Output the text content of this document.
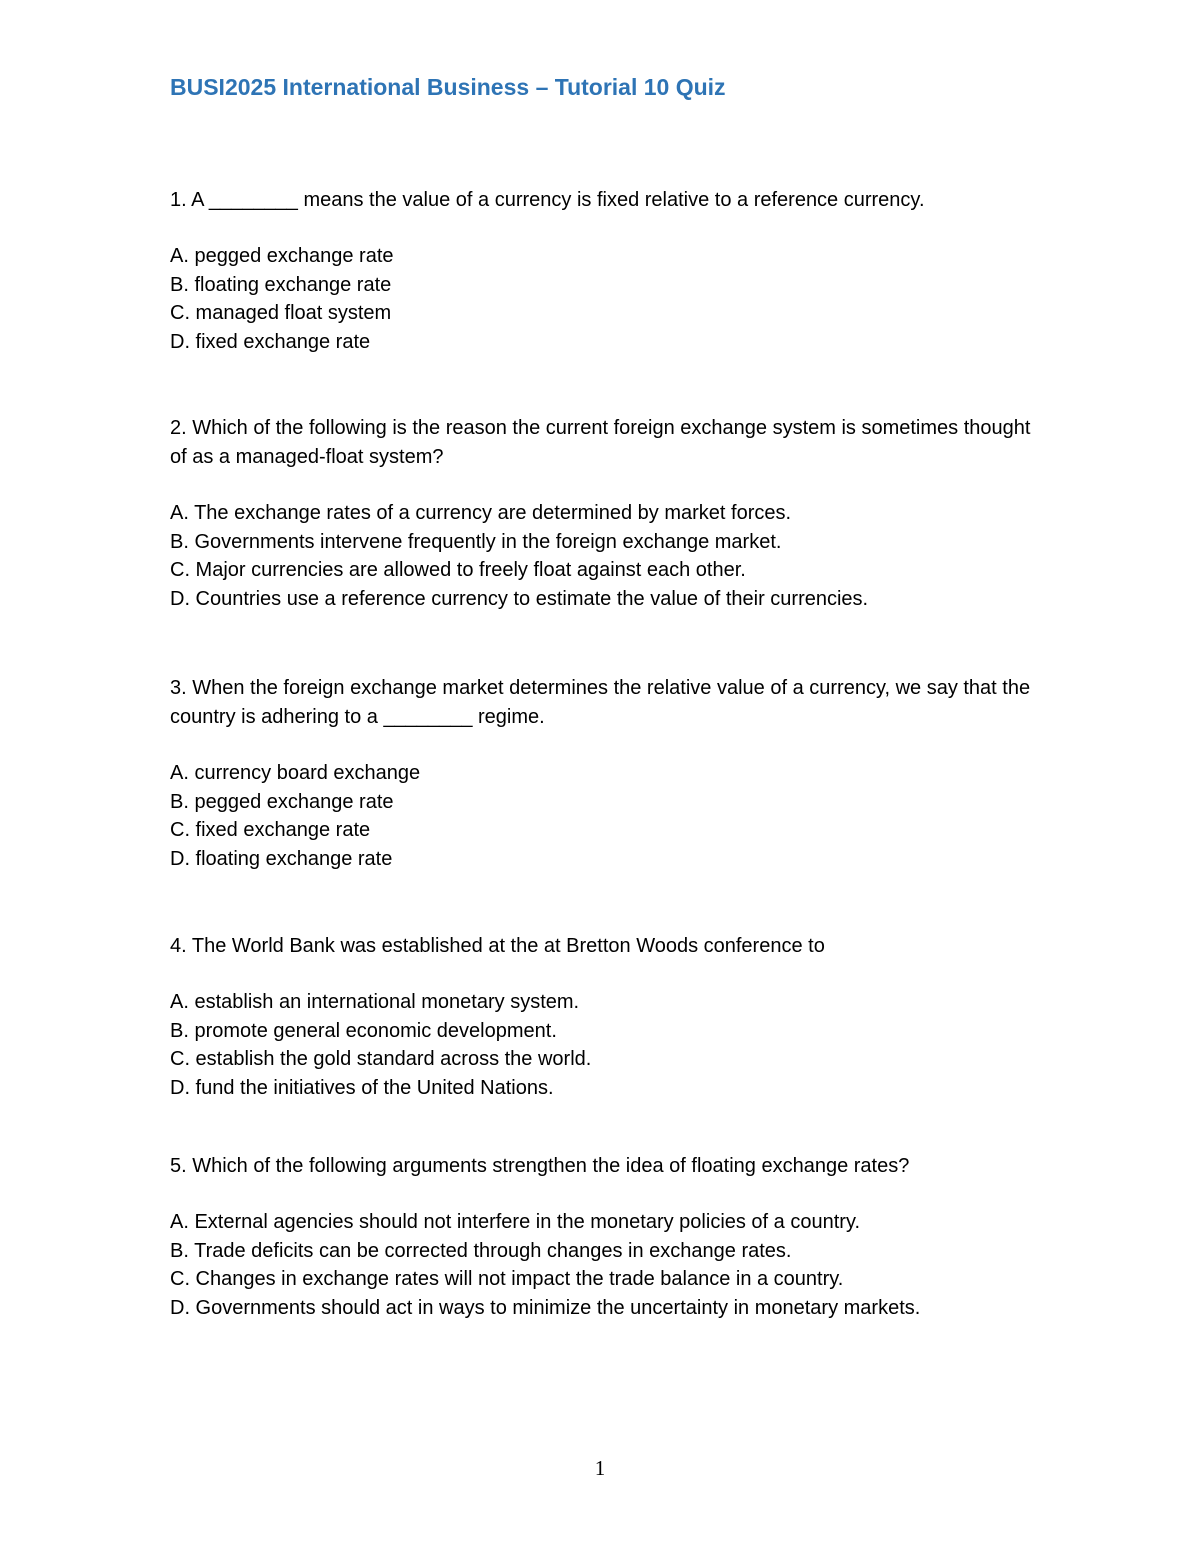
BUSI2025 International Business – Tutorial 10 Quiz

1. A ________ means the value of a currency is fixed relative to a reference currency.

A. pegged exchange rate
B. floating exchange rate
C. managed float system
D. fixed exchange rate

2. Which of the following is the reason the current foreign exchange system is sometimes thought of as a managed-float system?

A. The exchange rates of a currency are determined by market forces.
B. Governments intervene frequently in the foreign exchange market.
C. Major currencies are allowed to freely float against each other.
D. Countries use a reference currency to estimate the value of their currencies.

3. When the foreign exchange market determines the relative value of a currency, we say that the country is adhering to a ________ regime.

A. currency board exchange
B. pegged exchange rate
C. fixed exchange rate
D. floating exchange rate

4. The World Bank was established at the at Bretton Woods conference to

A. establish an international monetary system.
B. promote general economic development.
C. establish the gold standard across the world.
D. fund the initiatives of the United Nations.

5. Which of the following arguments strengthen the idea of floating exchange rates?

A. External agencies should not interfere in the monetary policies of a country.
B. Trade deficits can be corrected through changes in exchange rates.
C. Changes in exchange rates will not impact the trade balance in a country.
D. Governments should act in ways to minimize the uncertainty in monetary markets.
1
